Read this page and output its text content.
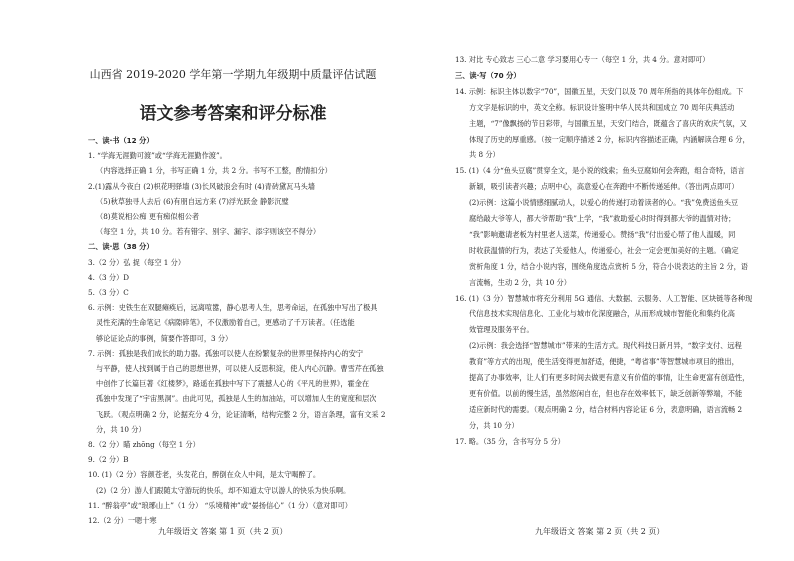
山西省 2019-2020 学年第一学期九年级期中质量评估试题
语文参考答案和评分标准
一、读·书（12 分）
1. “学海无涯勤可渡”或“学海无涯勤作渡”。
（内容选择正确 1 分，书写正确 1 分，共 2 分。书写不工整，酌情扣分）
2.(1)露从今夜白 (2)枳花明驿墙 (3)长风破浪会有时 (4)青砖黛瓦马头墙
（5)秋草独寻人去后 (6)有朋自远方来 (7)浮光跃金 静影沉璧
（8)莫说相公痴 更有痴似相公者
（每空 1 分，共 10 分。若有错字、别字、漏字、添字则该空不得分）
二、读·思（38 分）
3.（2 分）弘 捉（每空 1 分）
4.（3 分）D
5.（3 分）C
6. 示例：史铁生在双腿瘫痪后，远离喧嚣，静心思考人生，思考命运，在孤独中写出了极具
灵性充满的生命笔记《病隙碎笔》，不仅激励着自己，更感动了千万读者。（任选能
够论证论点的事例，简要作答即可，3 分）
7. 示例：孤独是我们成长的助力器。孤独可以使人在纷繁复杂的世界里保持内心的安宁
与平静，使人找到属于自己的思想世界，可以使人反思积淀，使人内心沉静。曹雪芹在孤独
中创作了长篇巨著《红楼梦》，路遥在孤独中写下了震撼人心的《平凡的世界》，霍金在
孤独中发现了“宇宙黑洞”。由此可见，孤独是人生的加油站，可以增加人生的宽度和层次
飞跃。（观点明确 2 分，论据充分 4 分，论证清晰，结构完整 2 分，语言条理，富有文采 2
分，共 10 分）
8.（2 分）瞄 zhōng（每空 1 分）
9.（2 分）B
10. (1)（2 分）容颜苍老，头发花白，醉倒在众人中间，是太守喝醉了。
(2)（2 分）游人们跟随太守游玩的快乐，却不知道太守以游人的快乐为快乐啊。
11. “醉翁亭”或“琅琊山上”（1 分） “乐境精神”或“晏扬信心”（1 分）（意对即可）
12.（2 分）一嗯十寒
九年级语文 答案 第 1 页（共 2 页）
13. 对比 专心致志 三心二意 学习要用心专一（每空 1 分，共 4 分。意对即可）
三、读·写（70 分）
14. 示例：标识主体以数字“70”，国徽五星，天安门以及 70 周年所指的具体年份组成。下
方文字是标识的中，英文全称。标识设计鉴明中华人民共和国成立 70 周年庆典活动
主题，“7”像飘扬的节日彩带，与国徽五星，天安门结合，既蕴含了喜庆的欢庆气氛，又
体现了历史的厚重感。（按一定顺序描述 2 分，标识内容描述正确，内涵解读合理 6 分，
共 8 分）
15. (1)（4 分“鱼头豆腐”贯穿全文，是小说的线索；鱼头豆腐如何会奔跑，组合奇特，语言
新颖，吸引读者兴趣；点明中心，高意爱心在奔跑中不断传递延伸。（答出两点即可）
(2)示例：这篇小说情感细腻动人，以爱心的传递打动着读者的心。“我”免费送鱼头豆
腐给敲大爷等人，都大爷帮助“我”上学，“我”救助爱心时时得到都大爷的温情对待；
“我”影响邀请老板为村里老人送菜，传递爱心。赞扬“我”付出爱心帮了他人温暖，同
时收获温情的行为，表达了关爱他人，传递爱心，社会一定会更加美好的主题。（确定
赏析角度 1 分，结合小说内容，围绕角度选点赏析 5 分，符合小说表达的主旨 2 分，语
言流畅，生动 2 分，共 10 分）
16. (1)（3 分）智慧城市将充分利用 5G 通信、大数据、云服务、人工智能、区块链等各种现
代信息技术实现信息化、工业化与城市化深度融合，从而形成城市智能化和集约化高
效管理及服务平台。
(2)示例：我会选择“智慧城市”带来的生活方式。现代科技日新月异，“数字支付、远程
教育”等方式的出现，使生活变得更加舒适，便捷，“粤省事”等智慧城市项目的推出，
提高了办事效率，让人们有更多时间去做更有意义有价值的事情，让生命更富有创造性，
更有价值。以前的慢生活，虽然悠闲自在，但也存在效率低下，缺乏创新等弊端，不能
适应新时代的需要。（观点明确 2 分，结合材料内容论证 6 分，表意明确，语言流畅 2
分，共 10 分）
17. 略。（35 分，含书写分 5 分）
九年级语文 答案 第 2 页（共 2 页）
